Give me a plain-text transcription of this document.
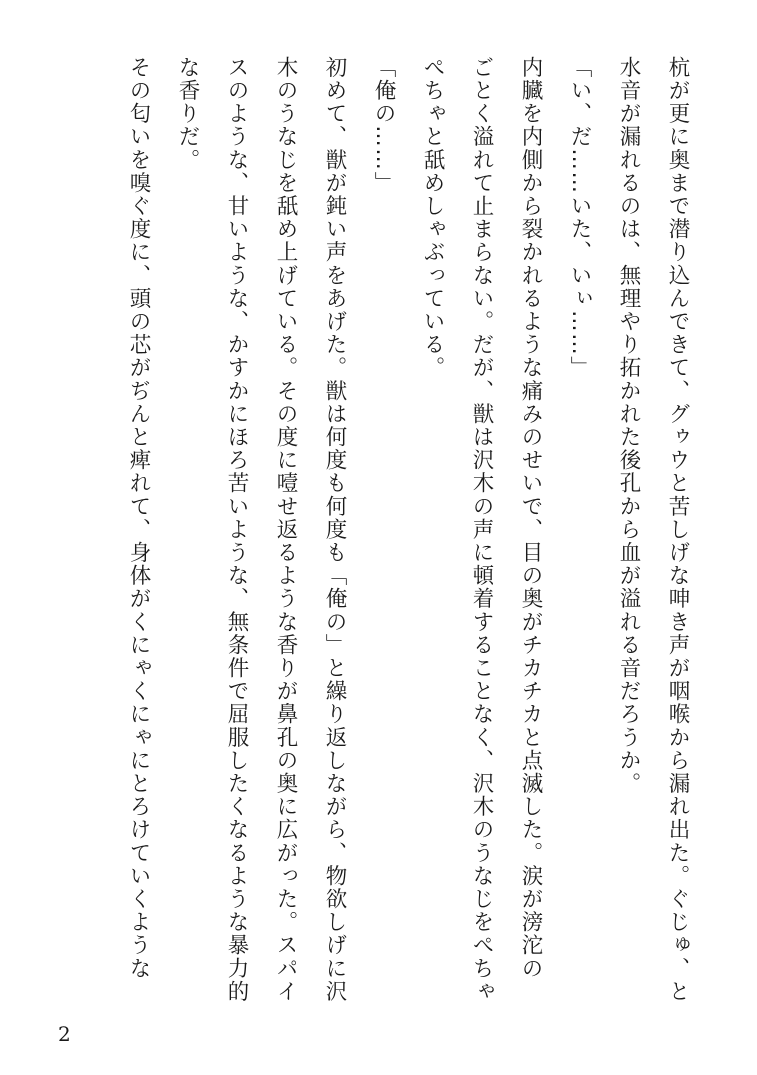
杭が更に奥まで潜り込んできて、グゥウと苦しげな呻き声が咽喉から漏れ出た。ぐじゅ、と
水音が漏れるのは、無理やり拓かれた後孔から血が溢れる音だろうか。

「い、だ……いた、いぃ……」

内臓を内側から裂かれるような痛みのせいで、目の奥がチカチカと点滅した。涙が滂沱の
ごとく溢れて止まらない。だが、獣は沢木の声に頓着することなく、沢木のうなじをぺちゃ
ぺちゃと舐めしゃぶっている。

「俺の……」

初めて、獣が鈍い声をあげた。獣は何度も何度も「俺の」と繰り返しながら、物欲しげに沢
木のうなじを舐め上げている。その度に噎せ返るような香りが鼻孔の奥に広がった。スパイ
スのような、甘いような、かすかにほろ苦いような、無条件で屈服したくなるような暴力的
な香りだ。

その匂いを嗅ぐ度に、頭の芯がぢんと痺れて、身体がくにゃくにゃにとろけていくような

2
